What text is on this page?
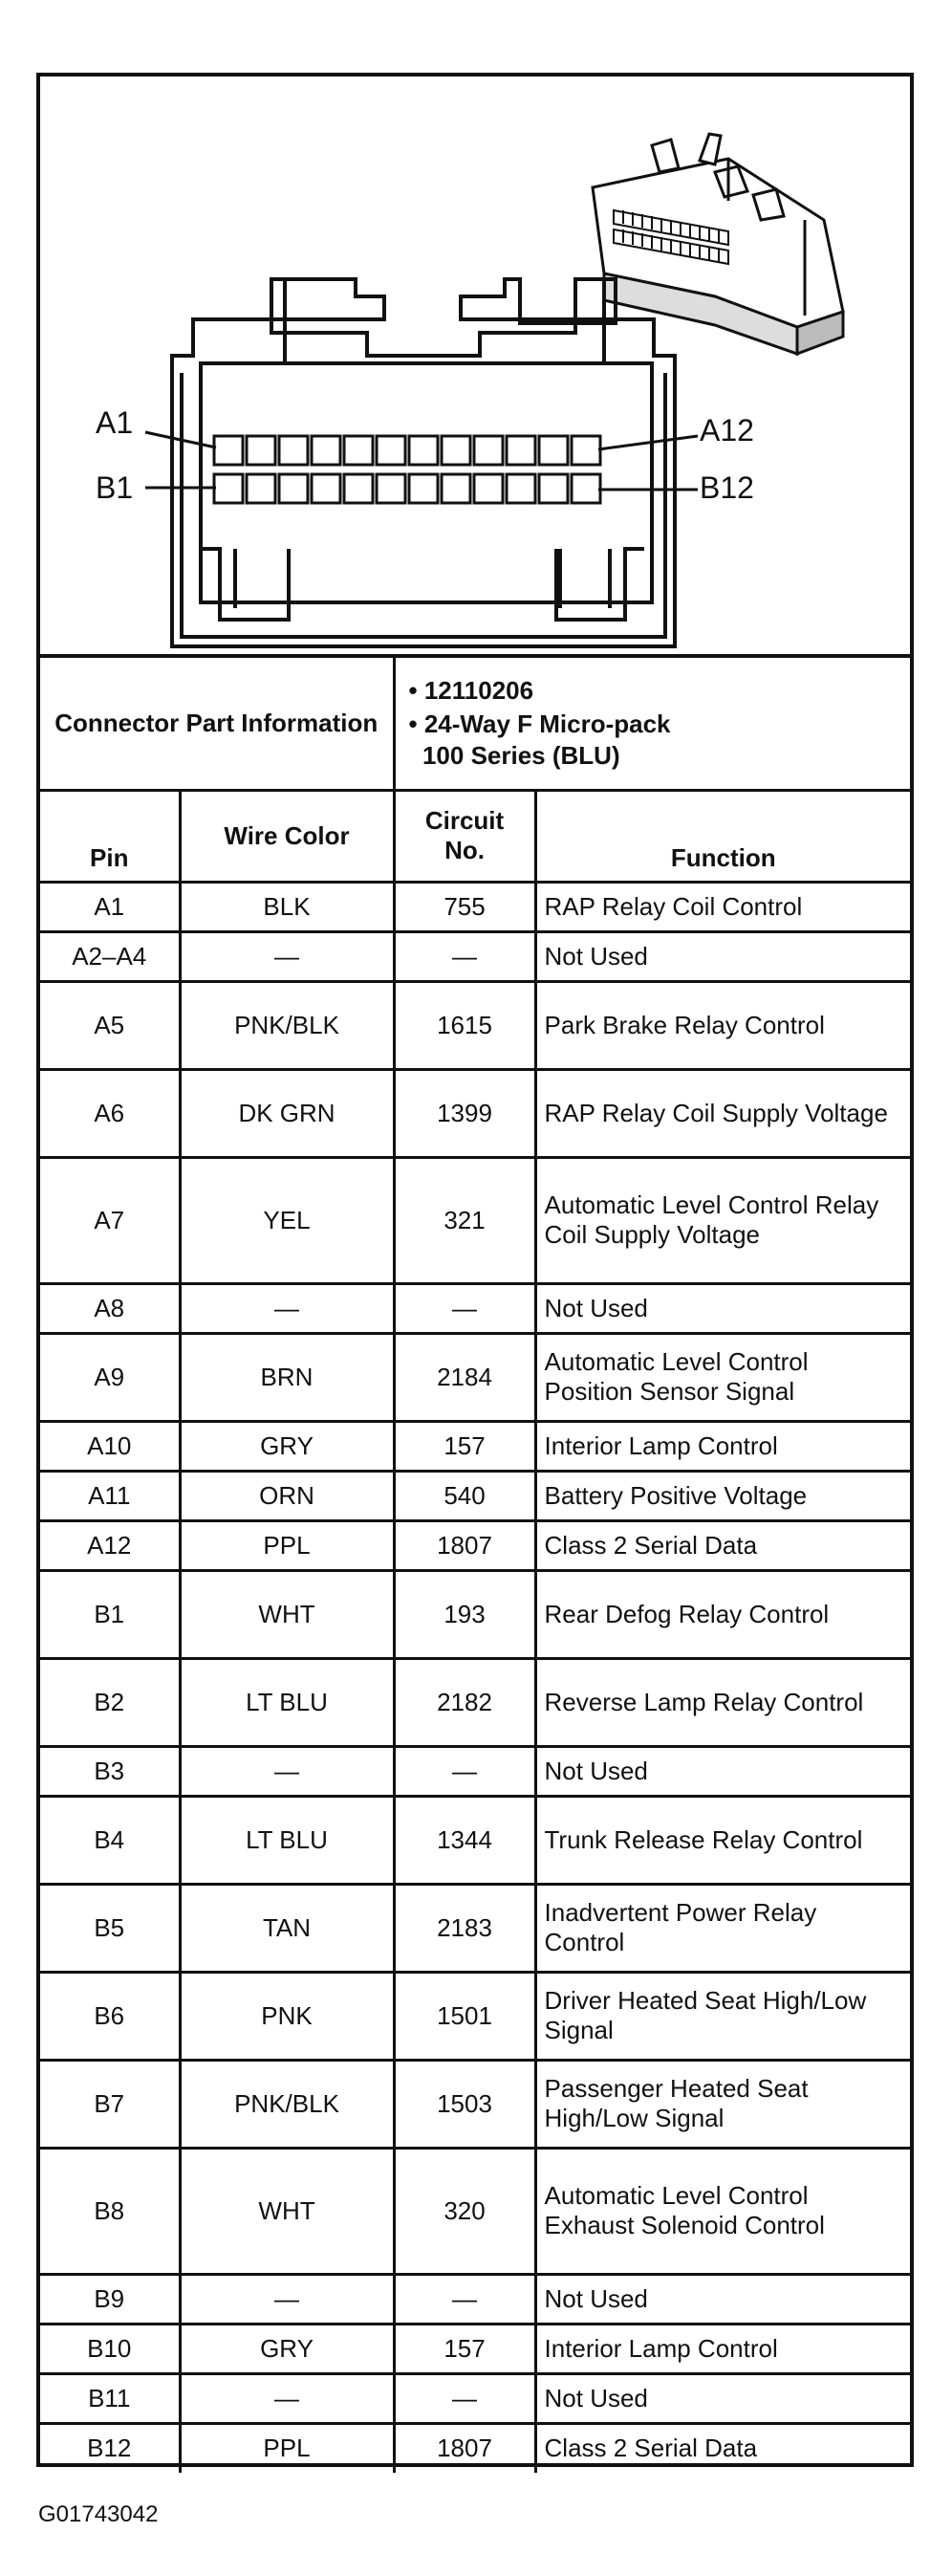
A1
B1
A12
B12
Connector Part Information		• 12110206
• 24-Way F Micro-pack
100 Series (BLU)	

Pin	Wire Color	Circuit No.	Function
A1	BLK	755	RAP Relay Coil Control
A2–A4	—	—	Not Used
A5	PNK/BLK	1615	Park Brake Relay Control
A6	DK GRN	1399	RAP Relay Coil Supply Voltage
A7	YEL	321	Automatic Level Control Relay Coil Supply Voltage
A8	—	—	Not Used
A9	BRN	2184	Automatic Level Control Position Sensor Signal
A10	GRY	157	Interior Lamp Control
A11	ORN	540	Battery Positive Voltage
A12	PPL	1807	Class 2 Serial Data
B1	WHT	193	Rear Defog Relay Control
B2	LT BLU	2182	Reverse Lamp Relay Control
B3	—	—	Not Used
B4	LT BLU	1344	Trunk Release Relay Control
B5	TAN	2183	Inadvertent Power Relay Control
B6	PNK	1501	Driver Heated Seat High/Low Signal
B7	PNK/BLK	1503	Passenger Heated Seat High/Low Signal
B8	WHT	320	Automatic Level Control Exhaust Solenoid Control
B9	—	—	Not Used
B10	GRY	157	Interior Lamp Control
B11	—	—	Not Used
B12	PPL	1807	Class 2 Serial Data
G01743042
